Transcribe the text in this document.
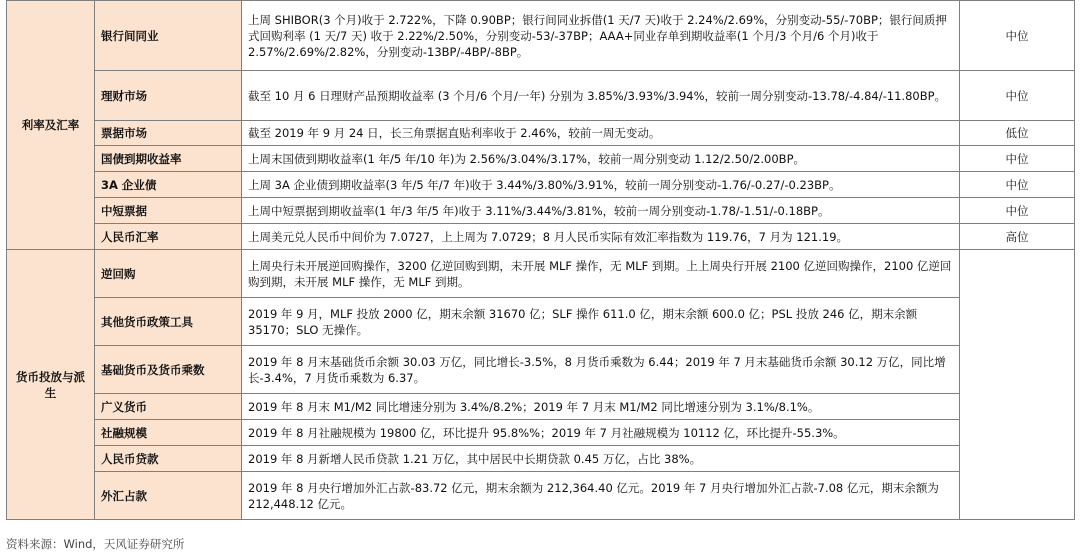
利率及汇率	银行间同业	上周 SHIBOR(3 个月)收于 2.722%，下降 0.90BP；银行间同业拆借(1 天/7 天)收于 2.24%/2.69%，分别变动-55/-70BP；银行间质押式回购利率 (1 天/7 天) 收于 2.22%/2.50%，分别变动-53/-37BP；AAA+同业存单到期收益率(1 个月/3 个月/6 个月)收于 2.57%/2.69%/2.82%，分别变动-13BP/-4BP/-8BP。	中位
	理财市场	截至 10 月 6 日理财产品预期收益率 (3 个月/6 个月/一年) 分别为 3.85%/3.93%/3.94%，较前一周分别变动-13.78/-4.84/-11.80BP。	中位
	票据市场	截至 2019 年 9 月 24 日，长三角票据直贴利率收于 2.46%，较前一周无变动。	低位
	国债到期收益率	上周末国债到期收益率(1 年/5 年/10 年)为 2.56%/3.04%/3.17%，较前一周分别变动 1.12/2.50/2.00BP。	中位
	3A 企业债	上周 3A 企业债到期收益率(3 年/5 年/7 年)收于 3.44%/3.80%/3.91%，较前一周分别变动-1.76/-0.27/-0.23BP。	中位
	中短票据	上周中短票据到期收益率(1 年/3 年/5 年)收于 3.11%/3.44%/3.81%，较前一周分别变动-1.78/-1.51/-0.18BP。	中位
	人民币汇率	上周美元兑人民币中间价为 7.0727，上上周为 7.0729；8 月人民币实际有效汇率指数为 119.76，7 月为 121.19。	高位
货币投放与派生	逆回购	上周央行未开展逆回购操作，3200 亿逆回购到期，未开展 MLF 操作，无 MLF 到期。上上周央行开展 2100 亿逆回购操作，2100 亿逆回购到期，未开展 MLF 操作，无 MLF 到期。	
	其他货币政策工具	2019 年 9 月，MLF 投放 2000 亿，期末余额 31670 亿；SLF 操作 611.0 亿，期末余额 600.0 亿；PSL 投放 246 亿，期末余额 35170；SLO 无操作。	
	基础货币及货币乘数	2019 年 8 月末基础货币余额 30.03 万亿，同比增长-3.5%，8 月货币乘数为 6.44；2019 年 7 月末基础货币余额 30.12 万亿，同比增长-3.4%，7 月货币乘数为 6.37。	
	广义货币	2019 年 8 月末 M1/M2 同比增速分别为 3.4%/8.2%；2019 年 7 月末 M1/M2 同比增速分别为 3.1%/8.1%。	
	社融规模	2019 年 8 月社融规模为 19800 亿，环比提升 95.8%%；2019 年 7 月社融规模为 10112 亿，环比提升-55.3%。	
	人民币贷款	2019 年 8 月新增人民币贷款 1.21 万亿，其中居民中长期贷款 0.45 万亿，占比 38%。	
	外汇占款	2019 年 8 月央行增加外汇占款-83.72 亿元，期末余额为 212,364.40 亿元。2019 年 7 月央行增加外汇占款-7.08 亿元，期末余额为 212,448.12 亿元。	
资料来源：Wind，天风证券研究所
